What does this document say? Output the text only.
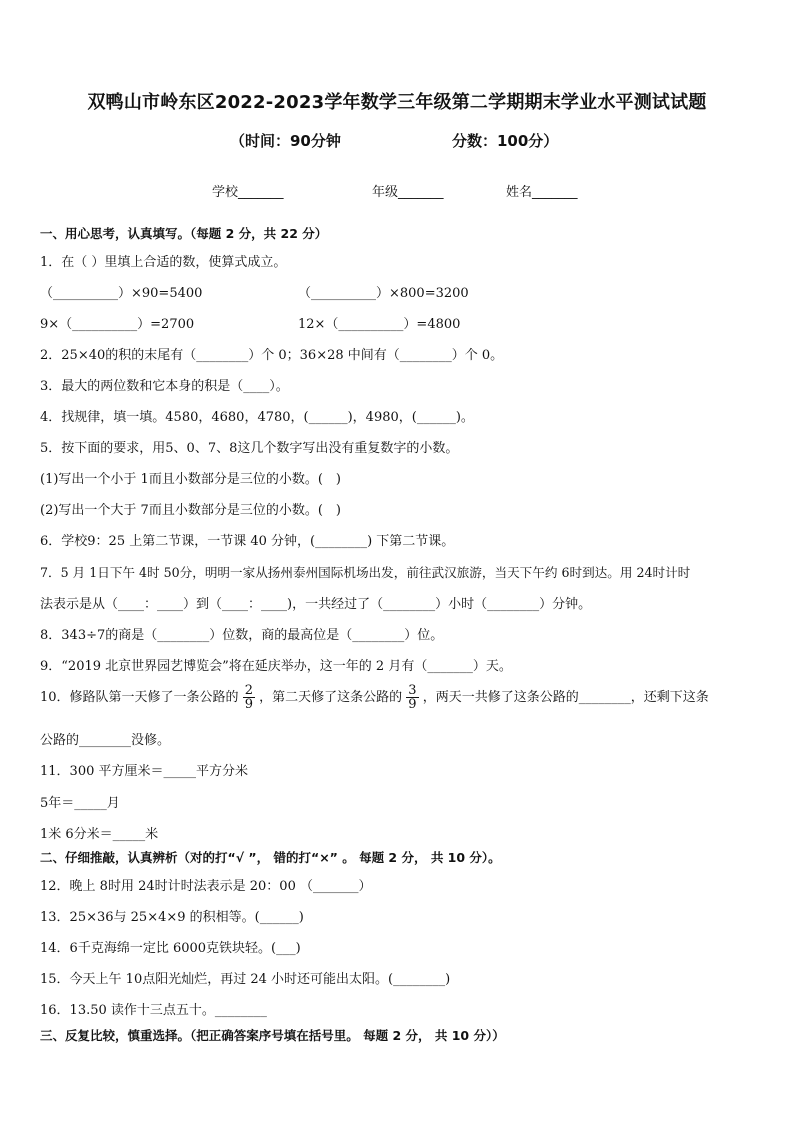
双鸭山市岭东区2022-2023学年数学三年级第二学期期末学业水平测试试题
（时间：90分钟	分数：100分）
学校_______	年级_______	姓名_______
一、用心思考，认真填写。（每题 2 分，共 22 分）
1．在（ ）里填上合适的数，使算式成立。
（__________）×90=5400	（__________）×800=3200
9×（__________）=2700	12×（__________）=4800
2．25×40的积的末尾有（________）个 0；36×28 中间有（________）个 0。
3．最大的两位数和它本身的积是（____）。
4．找规律，填一填。4580，4680，4780，(______)，4980，(______)。
5．按下面的要求，用5、0、7、8这几个数字写出没有重复数字的小数。
(1)写出一个小于 1而且小数部分是三位的小数。(　)
(2)写出一个大于 7而且小数部分是三位的小数。(　)
6．学校9：25 上第二节课，一节课 40 分钟，(________) 下第二节课。
7．5 月 1日下午 4时 50分，明明一家从扬州泰州国际机场出发，前往武汉旅游，当天下午约 6时到达。用 24时计时
法表示是从（____：____）到（____：____)，一共经过了（________）小时（________）分钟。
8．343÷7的商是（________）位数，商的最高位是（________）位。
9．“2019 北京世界园艺博览会”将在延庆举办，这一年的 2 月有（_______）天。
10．修路队第一天修了一条公路的 $\frac{2}{9}$ ，第二天修了这条公路的 $\frac{3}{9}$ ，两天一共修了这条公路的________，还剩下这条
公路的________没修。
11．300 平方厘米＝_____平方分米
5年＝_____月
1米 6分米＝_____米
二、仔细推敲，认真辨析（对的打“√ ”， 错的打“×” 。 每题 2 分， 共 10 分）。
12．晚上 8时用 24时计时法表示是 20：00 （_______）
13．25×36与 25×4×9 的积相等。(______)
14．6千克海绵一定比 6000克铁块轻。(___)
15．今天上午 10点阳光灿烂，再过 24 小时还可能出太阳。(________)
16．13.50 读作十三点五十。________
三、反复比较，慎重选择。（把正确答案序号填在括号里。 每题 2 分， 共 10 分））
